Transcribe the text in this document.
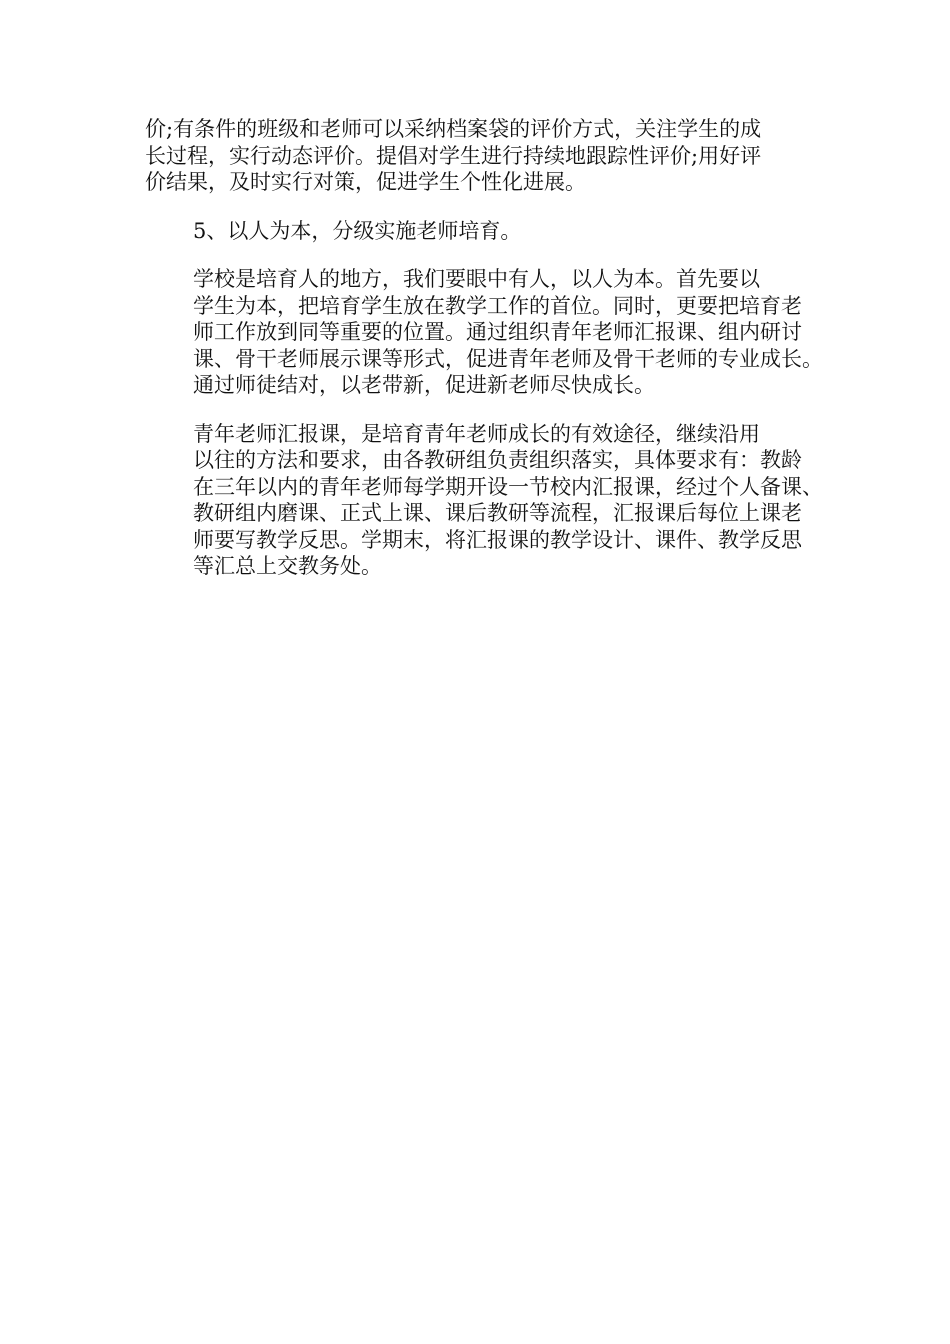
价;有条件的班级和老师可以采纳档案袋的评价方式，关注学生的成
长过程，实行动态评价。提倡对学生进行持续地跟踪性评价;用好评
价结果，及时实行对策，促进学生个性化进展。

5、以人为本，分级实施老师培育。

学校是培育人的地方，我们要眼中有人，以人为本。首先要以
学生为本，把培育学生放在教学工作的首位。同时，更要把培育老
师工作放到同等重要的位置。通过组织青年老师汇报课、组内研讨
课、骨干老师展示课等形式，促进青年老师及骨干老师的专业成长。
通过师徒结对，以老带新，促进新老师尽快成长。

青年老师汇报课，是培育青年老师成长的有效途径，继续沿用
以往的方法和要求，由各教研组负责组织落实，具体要求有：教龄
在三年以内的青年老师每学期开设一节校内汇报课，经过个人备课、
教研组内磨课、正式上课、课后教研等流程，汇报课后每位上课老
师要写教学反思。学期末，将汇报课的教学设计、课件、教学反思
等汇总上交教务处。
